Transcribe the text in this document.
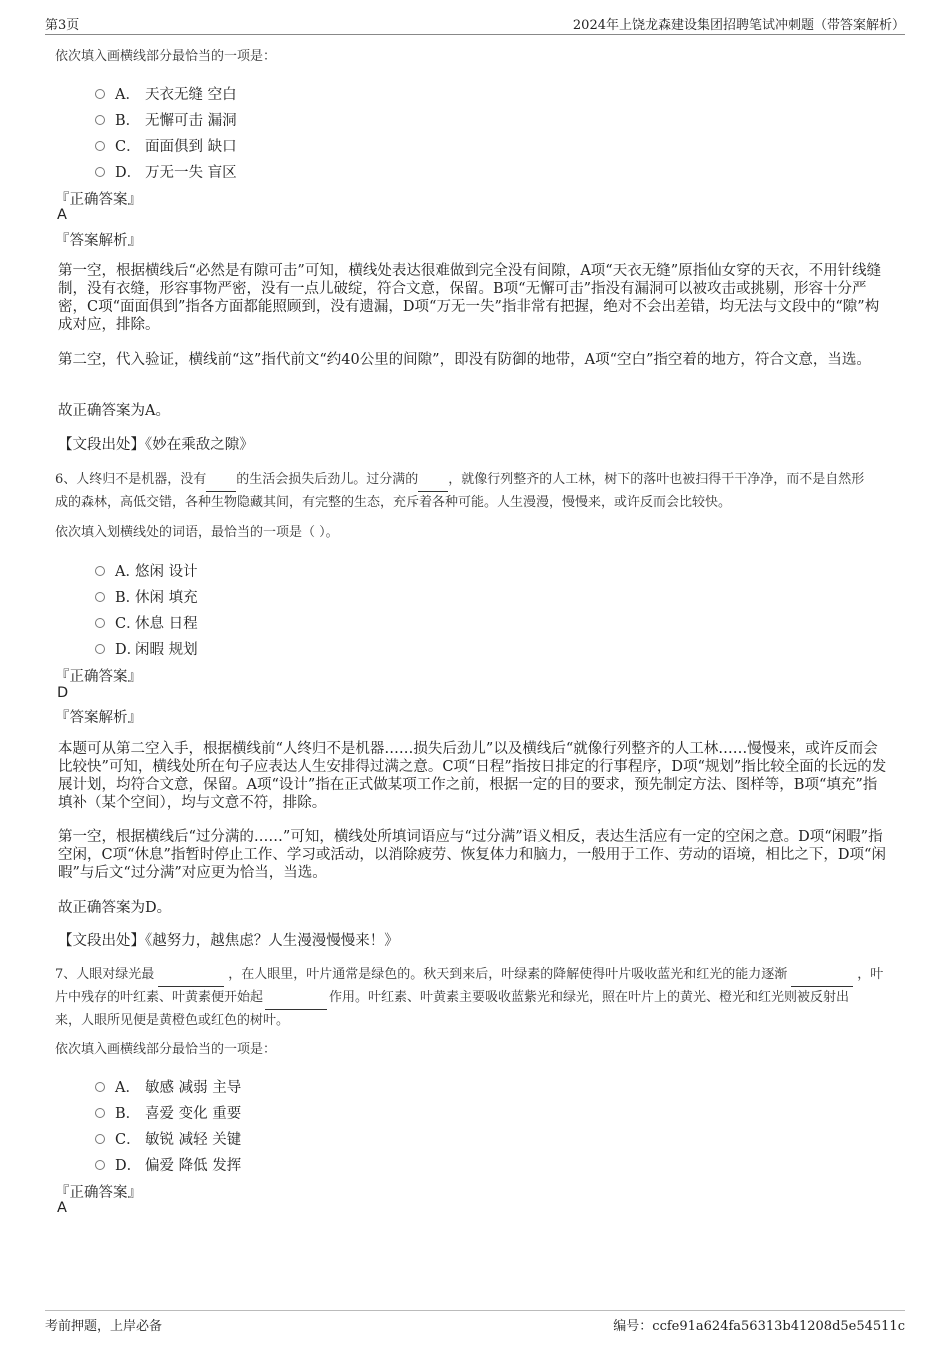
第3页	2024年上饶龙森建设集团招聘笔试冲刺题（带答案解析）
依次填入画横线部分最恰当的一项是：
A． 天衣无缝 空白
B． 无懈可击 漏洞
C． 面面俱到 缺口
D． 万无一失 盲区
『正确答案』
A
『答案解析』
第一空，根据横线后“必然是有隙可击”可知，横线处表达很难做到完全没有间隙，A项“天衣无缝”原指仙女穿的天衣，不用针线缝制，没有衣缝，形容事物严密，没有一点儿破绽，符合文意，保留。B项“无懈可击”指没有漏洞可以被攻击或挑剔，形容十分严密，C项“面面俱到”指各方面都能照顾到，没有遗漏，D项“万无一失”指非常有把握，绝对不会出差错，均无法与文段中的“隙”构成对应，排除。
第二空，代入验证，横线前“这”指代前文“约40公里的间隙”，即没有防御的地带，A项“空白”指空着的地方，符合文意，当选。
故正确答案为A。
【文段出处】《妙在乘敌之隙》
6、人终归不是机器，没有 的生活会损失后劲儿。过分满的 ，就像行列整齐的人工林，树下的落叶也被扫得干干净净，而不是自然形
成的森林，高低交错，各种生物隐藏其间，有完整的生态，充斥着各种可能。人生漫漫，慢慢来，或许反而会比较快。
依次填入划横线处的词语，最恰当的一项是（ ）。
A．悠闲 设计
B．休闲 填充
C．休息 日程
D．闲暇 规划
『正确答案』
D
『答案解析』
本题可从第二空入手，根据横线前“人终归不是机器……损失后劲儿”以及横线后“就像行列整齐的人工林……慢慢来，或许反而会比较快”可知，横线处所在句子应表达人生安排得过满之意。C项“日程”指按日排定的行事程序，D项“规划”指比较全面的长远的发展计划，均符合文意，保留。A项“设计”指在正式做某项工作之前，根据一定的目的要求，预先制定方法、图样等，B项“填充”指填补（某个空间），均与文意不符，排除。
第一空，根据横线后“过分满的……”可知，横线处所填词语应与“过分满”语义相反，表达生活应有一定的空闲之意。D项“闲暇”指空闲，C项“休息”指暂时停止工作、学习或活动，以消除疲劳、恢复体力和脑力，一般用于工作、劳动的语境，相比之下，D项“闲暇”与后文“过分满”对应更为恰当，当选。
故正确答案为D。
【文段出处】《越努力，越焦虑？人生漫漫慢慢来！》
7、人眼对绿光最	，在人眼里，叶片通常是绿色的。秋天到来后，叶绿素的降解使得叶片吸收蓝光和红光的能力逐渐	，叶
片中残存的叶红素、叶黄素便开始起	作用。叶红素、叶黄素主要吸收蓝紫光和绿光，照在叶片上的黄光、橙光和红光则被反射出
来，人眼所见便是黄橙色或红色的树叶。
依次填入画横线部分最恰当的一项是：
A． 敏感 减弱 主导
B． 喜爱 变化 重要
C． 敏锐 减轻 关键
D． 偏爱 降低 发挥
『正确答案』
A
考前押题，上岸必备	编号：ccfe91a624fa56313b41208d5e54511c
